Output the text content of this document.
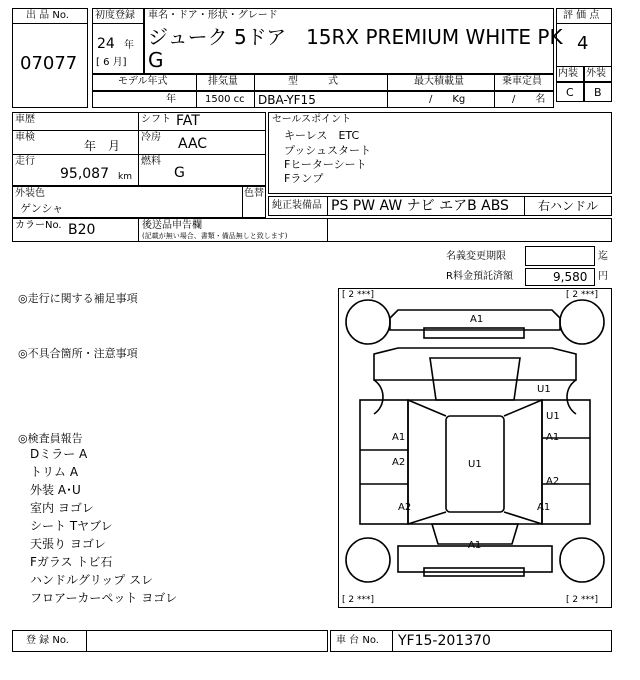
出 品 No.
07077
初度登録
24 年
[ 6 月]
車名・ドア・形状・グレード
ジューク 5ドア　15RX PREMIUM WHITE PK
G
モデル年式	排気量	型　　　式	最大積載量	乗車定員
年	1500 cc DBA-YF15	/　　Kg	/　　名
評 価 点
4
内装 外装
C B
車歴
車検
年　月
走行
95,087 km
シフト FAT
冷房 AAC
燃料
G
セールスポイント
キーレス　ETC
プッシュスタート
Fヒーターシート
Fランプ
外装色
ゲンシャ
色替
純正装備品 PS PW AW ナビ エアB ABS 右ハンドル
カラーNo. B20	後送品申告欄
(記載が無い場合、書類・備品無しと致します)
名義変更期限	迄
R料金預託済額	9,580 円
◎走行に関する補足事項
◎不具合箇所・注意事項
◎検査員報告
Dミラー A
トリム A
外装 A･U
室内 ヨゴレ
シート Tヤブレ
天張り ヨゴレ
Fガラス トビ石
ハンドルグリップ スレ
フロアーカーペット ヨゴレ
[ 2 ***]	[ 2 ***]
[ 2 ***]	[ 2 ***]
A1
U1
U1
A1
A2
A1
A1
A2
A2
U1
A1
登 録 No.	車 台 No. YF15-201370
